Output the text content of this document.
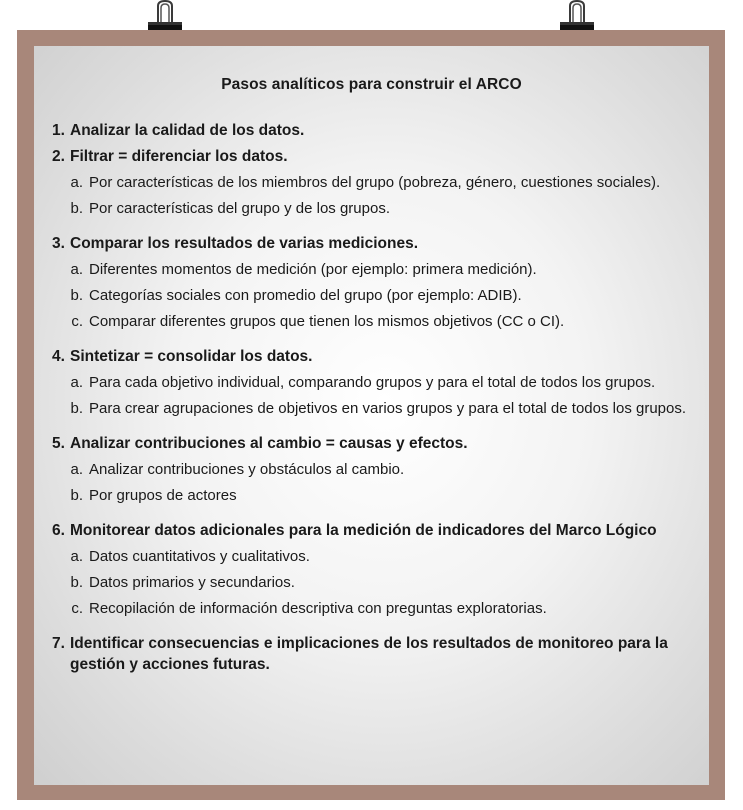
Pasos analíticos para construir el ARCO
1. Analizar la calidad de los datos.
2. Filtrar = diferenciar los datos.
a. Por características de los miembros del grupo (pobreza, género, cuestiones sociales).
b. Por características del grupo y de los grupos.
3. Comparar los resultados de varias mediciones.
a. Diferentes momentos de medición (por ejemplo: primera medición).
b. Categorías sociales con promedio del grupo (por ejemplo: ADIB).
c. Comparar diferentes grupos que tienen los mismos objetivos (CC o CI).
4. Sintetizar = consolidar los datos.
a. Para cada objetivo individual, comparando grupos y para el total de todos los grupos.
b. Para crear agrupaciones de objetivos en varios grupos y para el total de todos los grupos.
5. Analizar contribuciones al cambio = causas y efectos.
a. Analizar contribuciones y obstáculos al cambio.
b. Por grupos de actores
6. Monitorear datos adicionales para la medición de indicadores del Marco Lógico
a. Datos cuantitativos y cualitativos.
b. Datos primarios y secundarios.
c. Recopilación de información descriptiva con preguntas exploratorias.
7. Identificar consecuencias e implicaciones de los resultados de monitoreo para la gestión y acciones futuras.
